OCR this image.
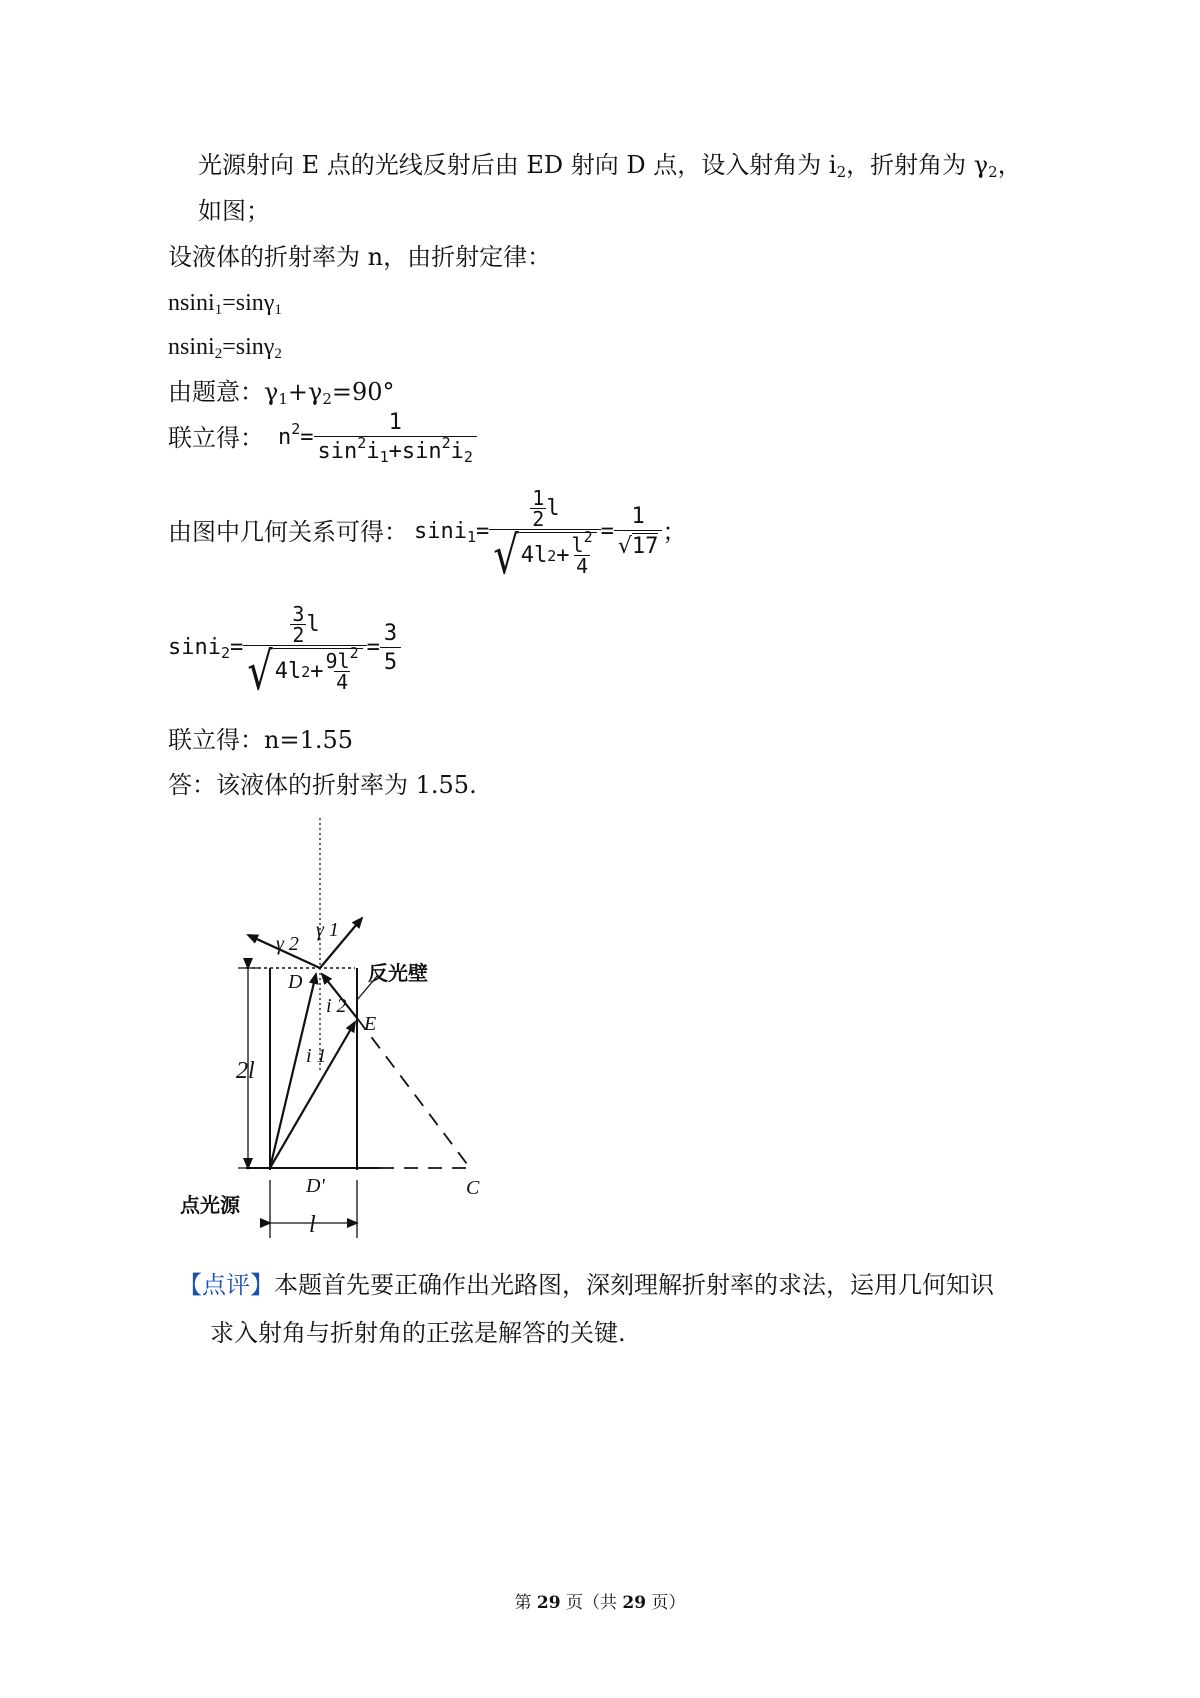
光源射向 E 点的光线反射后由 ED 射向 D 点，设入射角为 $i_2$，折射角为 $\gamma_2$，
如图；
设液体的折射率为 n，由折射定律：
nsini$_1$=sinγ$_1$
nsini$_2$=sinγ$_2$
由题意：$\gamma_1+\gamma_2=90^\circ$
联立得： $n^2= \frac{1}{\sin^2i_1+\sin^2i_2}$
由图中几何关系可得： $\sin i_1= \frac{\frac{1}{2} l}{√ 4l 2 + \frac{l^2}{4}} = \frac{1}{√ 17}$ ；
$\sin i_2= \frac{\frac{3}{2} l}{√ 4l 2 + \frac{9l^2}{4}} = \frac{3}{5}$
联立得：n=1.55
答：该液体的折射率为 1.55.
γ 2
γ 1
D
i 2
E
i 1
2l
D'	C
l
反光壁
点光源
【点评】本题首先要正确作出光路图，深刻理解折射率的求法，运用几何知识
求入射角与折射角的正弦是解答的关键.
第 29 页（共 29 页）
